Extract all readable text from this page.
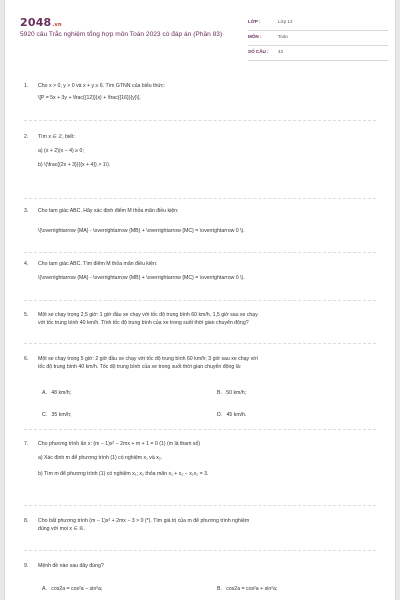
2048.vn
5920 câu Trắc nghiệm tổng hợp môn Toán 2023 có đáp án (Phần 83)
LỚP :	Lớp 12
MÔN :	Toán
SỐ CÂU : 43
1. Cho x > 0, y > 0 và x + y ≥ 6. Tìm GTNN của biểu thức:
\[P = 5x + 3y + \frac{{12}}{x} + \frac{{16}}{y}\].
2. Tìm x ∈ ℤ, biết:
a) (x + 2)(x − 4) ≥ 0;
b) \(\frac{{2x + 3}}{{x + 4}} > 1\).
3. Cho tam giác ABC. Hãy xác định điểm M thỏa mãn điều kiện:
\(\overrightarrow {MA} - \overrightarrow {MB} + \overrightarrow {MC} = \overrightarrow 0 \).
4. Cho tam giác ABC. Tìm điểm M thỏa mãn điều kiện:
\(\overrightarrow {MA} - \overrightarrow {MB} + \overrightarrow {MC} = \overrightarrow 0 \).
5. Một xe chạy trọng 2,5 giờ: 1 giờ đầu xe chạy với tốc độ trung bình 60 km/h, 1,5 giờ sau xe chạy
với tốc trung bình 40 km/h. Tính tốc độ trung bình của xe trong suốt thời gian chuyển động?
6. Một xe chạy trong 5 giờ: 2 giờ đầu xe chạy với tốc độ trung bình 60 km/h; 3 giờ sau xe chạy với
tốc độ trung bình 40 km/h. Tốc độ trung bình của xe trong suốt thời gian chuyển động là:
A. 48 km/h;	B. 50 km/h;
C. 35 km/h;	D. 45 km/h.
7. Cho phương trình ẩn x: (m − 1)x² − 2mx + m + 1 = 0 (1) (m là tham số)
a) Xác định m để phương trình (1) có nghiệm x₁ và x₂.
b) Tìm m để phương trình (1) có nghiệm x₁; x₂ thỏa mãn x₁ + x₂ − x₁x₂ = 3.
8. Cho bất phương trình (m − 1)x² + 2mx − 3 > 0 (*). Tìm giá trị của m để phương trình nghiệm
đúng với mọi x ∈ ℝ.
9. Mệnh đề nào sau đây đúng?
A. cos2a = cos²a − sin²a;	B. cos2a = cos²a + sin²a;
